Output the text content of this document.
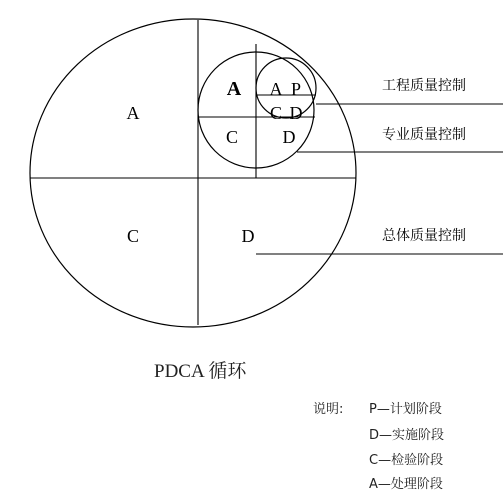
A
C	D
A
C D
A P
C D
工程质量控制
专业质量控制
总体质量控制
PDCA 循环
说明: P—计划阶段
D—实施阶段
C—检验阶段
A—处理阶段
